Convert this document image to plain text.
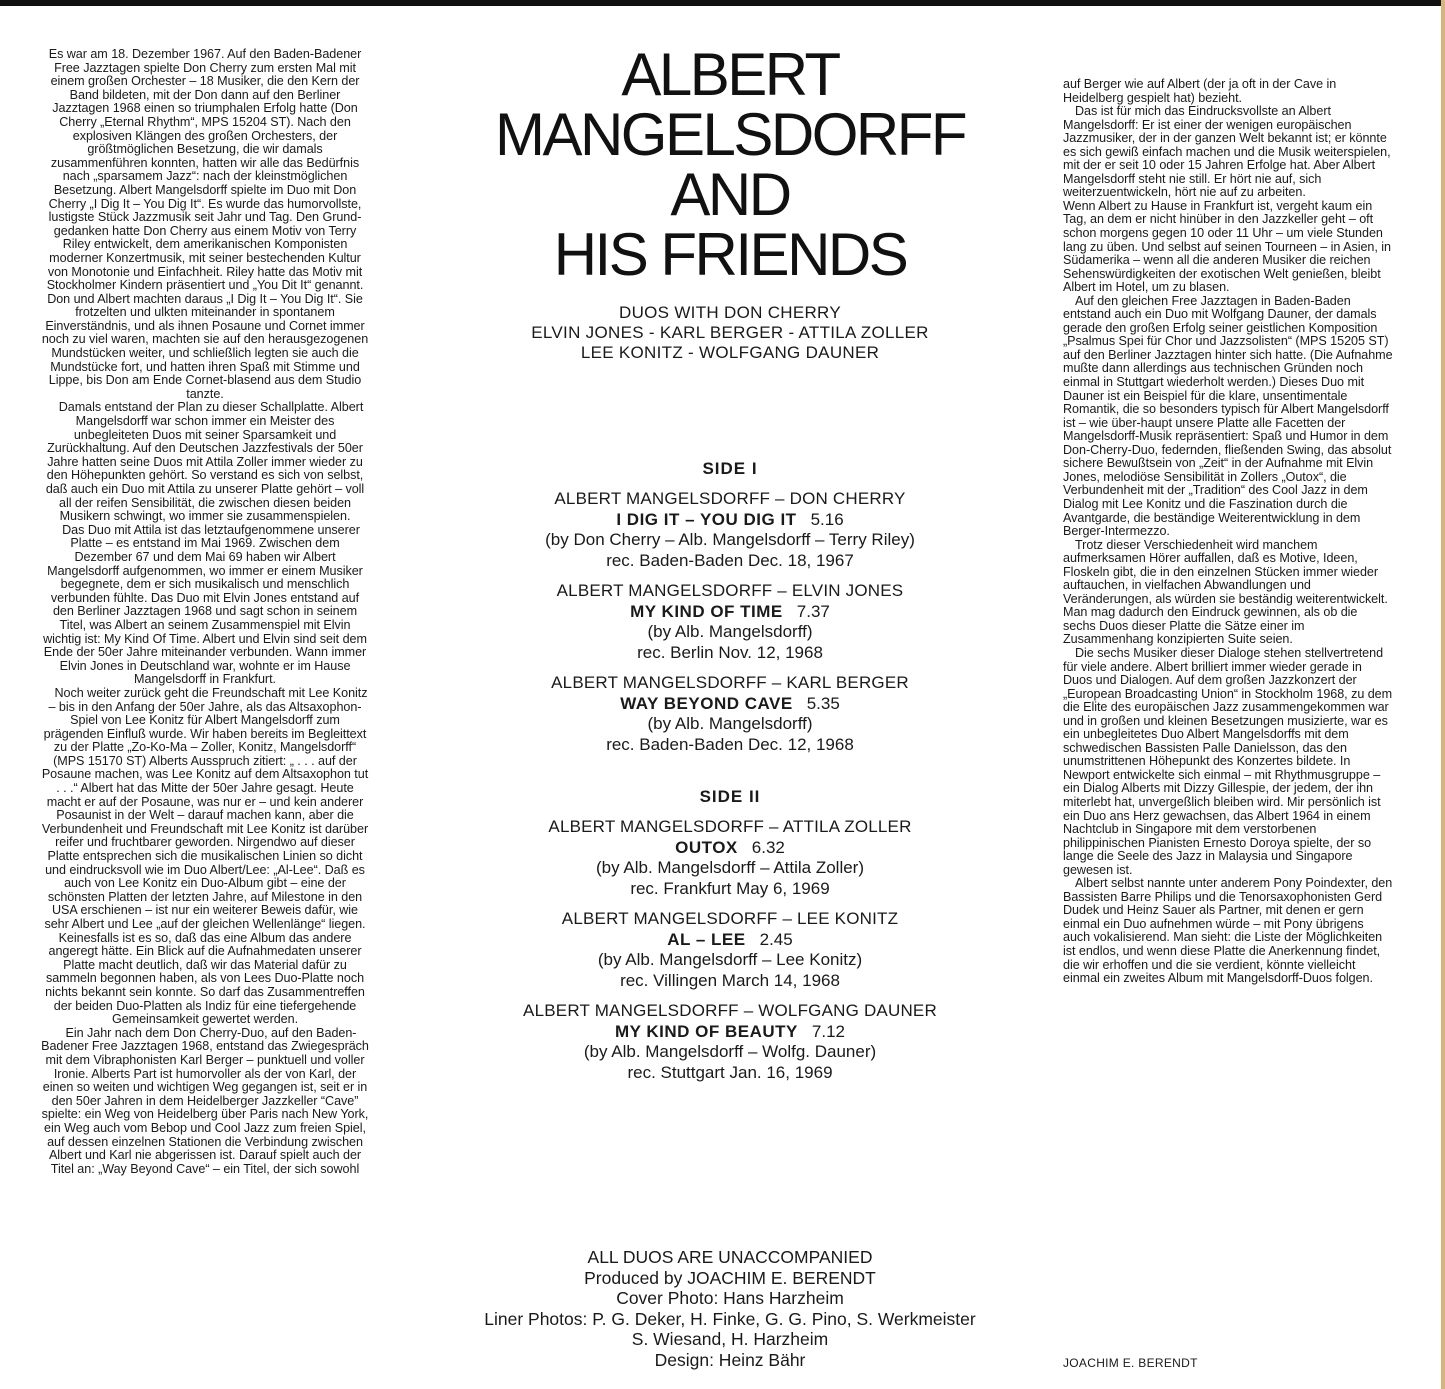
Es war am 18. Dezember 1967. Auf den Baden-Badener Free Jazztagen spielte Don Cherry zum ersten Mal mit einem großen Orchester – 18 Musiker, die den Kern der Band bildeten, mit der Don dann auf den Berliner Jazztagen 1968 einen so triumphalen Erfolg hatte (Don Cherry „Eternal Rhythm“, MPS 15204 ST). Nach den explosiven Klängen des großen Orchesters, der größtmöglichen Besetzung, die wir damals zusammenführen konnten, hatten wir alle das Bedürfnis nach „sparsamem Jazz“: nach der kleinstmöglichen Besetzung. Albert Mangelsdorff spielte im Duo mit Don Cherry „I Dig It – You Dig It“. Es wurde das humorvollste, lustigste Stück Jazzmusik seit Jahr und Tag. Den Grund-gedanken hatte Don Cherry aus einem Motiv von Terry Riley entwickelt, dem amerikanischen Komponisten moderner Konzertmusik, mit seiner bestechenden Kultur von Monotonie und Einfachheit. Riley hatte das Motiv mit Stockholmer Kindern präsentiert und „You Dit It“ genannt. Don und Albert machten daraus „I Dig It – You Dig It“. Sie frotzelten und ulkten miteinander in spontanem Einverständnis, und als ihnen Posaune und Cornet immer noch zu viel waren, machten sie auf den herausgezogenen Mundstücken weiter, und schließlich legten sie auch die Mundstücke fort, und hatten ihren Spaß mit Stimme und Lippe, bis Don am Ende Cornet-blasend aus dem Studio tanzte.

Damals entstand der Plan zu dieser Schallplatte. Albert Mangelsdorff war schon immer ein Meister des unbegleiteten Duos mit seiner Sparsamkeit und Zurückhaltung. Auf den Deutschen Jazzfestivals der 50er Jahre hatten seine Duos mit Attila Zoller immer wieder zu den Höhepunkten gehört. So verstand es sich von selbst, daß auch ein Duo mit Attila zu unserer Platte gehört – voll all der reifen Sensibilität, die zwischen diesen beiden Musikern schwingt, wo immer sie zusammenspielen.

Das Duo mit Attila ist das letztaufgenommene unserer Platte – es entstand im Mai 1969. Zwischen dem Dezember 67 und dem Mai 69 haben wir Albert Mangelsdorff aufgenommen, wo immer er einem Musiker begegnete, dem er sich musikalisch und menschlich verbunden fühlte. Das Duo mit Elvin Jones entstand auf den Berliner Jazztagen 1968 und sagt schon in seinem Titel, was Albert an seinem Zusammenspiel mit Elvin wichtig ist: My Kind Of Time. Albert und Elvin sind seit dem Ende der 50er Jahre miteinander verbunden. Wann immer Elvin Jones in Deutschland war, wohnte er im Hause Mangelsdorff in Frankfurt.

Noch weiter zurück geht die Freundschaft mit Lee Konitz – bis in den Anfang der 50er Jahre, als das Altsaxophon-Spiel von Lee Konitz für Albert Mangelsdorff zum prägenden Einfluß wurde. Wir haben bereits im Begleittext zu der Platte „Zo-Ko-Ma – Zoller, Konitz, Mangelsdorff“ (MPS 15170 ST) Alberts Ausspruch zitiert: „ . . . auf der Posaune machen, was Lee Konitz auf dem Altsaxophon tut . . .“ Albert hat das Mitte der 50er Jahre gesagt. Heute macht er auf der Posaune, was nur er – und kein anderer Posaunist in der Welt – darauf machen kann, aber die Verbundenheit und Freundschaft mit Lee Konitz ist darüber reifer und fruchtbarer geworden. Nirgendwo auf dieser Platte entsprechen sich die musikalischen Linien so dicht und eindrucksvoll wie im Duo Albert/Lee: „Al-Lee“. Daß es auch von Lee Konitz ein Duo-Album gibt – eine der schönsten Platten der letzten Jahre, auf Milestone in den USA erschienen – ist nur ein weiterer Beweis dafür, wie sehr Albert und Lee „auf der gleichen Wellenlänge“ liegen. Keinesfalls ist es so, daß das eine Album das andere angeregt hätte. Ein Blick auf die Aufnahmedaten unserer Platte macht deutlich, daß wir das Material dafür zu sammeln begonnen haben, als von Lees Duo-Platte noch nichts bekannt sein konnte. So darf das Zusammentreffen der beiden Duo-Platten als Indiz für eine tiefergehende Gemeinsamkeit gewertet werden.

Ein Jahr nach dem Don Cherry-Duo, auf den Baden-Badener Free Jazztagen 1968, entstand das Zwiegespräch mit dem Vibraphonisten Karl Berger – punktuell und voller Ironie. Alberts Part ist humorvoller als der von Karl, der einen so weiten und wichtigen Weg gegangen ist, seit er in den 50er Jahren in dem Heidelberger Jazzkeller “Cave” spielte: ein Weg von Heidelberg über Paris nach New York, ein Weg auch vom Bebop und Cool Jazz zum freien Spiel, auf dessen einzelnen Stationen die Verbindung zwischen Albert und Karl nie abgerissen ist. Darauf spielt auch der Titel an: „Way Beyond Cave“ – ein Titel, der sich sowohl

ALBERT
MANGELSDORFF
AND
HIS FRIENDS
DUOS WITH DON CHERRY
ELVIN JONES - KARL BERGER - ATTILA ZOLLER
LEE KONITZ - WOLFGANG DAUNER
SIDE I
ALBERT MANGELSDORFF – DON CHERRY
I DIG IT – YOU DIG IT 5.16
(by Don Cherry – Alb. Mangelsdorff – Terry Riley)
rec. Baden-Baden Dec. 18, 1967
ALBERT MANGELSDORFF – ELVIN JONES
MY KIND OF TIME 7.37
(by Alb. Mangelsdorff)
rec. Berlin Nov. 12, 1968
ALBERT MANGELSDORFF – KARL BERGER
WAY BEYOND CAVE 5.35
(by Alb. Mangelsdorff)
rec. Baden-Baden Dec. 12, 1968
SIDE II
ALBERT MANGELSDORFF – ATTILA ZOLLER
OUTOX 6.32
(by Alb. Mangelsdorff – Attila Zoller)
rec. Frankfurt May 6, 1969
ALBERT MANGELSDORFF – LEE KONITZ
AL – LEE 2.45
(by Alb. Mangelsdorff – Lee Konitz)
rec. Villingen March 14, 1968
ALBERT MANGELSDORFF – WOLFGANG DAUNER
MY KIND OF BEAUTY 7.12
(by Alb. Mangelsdorff – Wolfg. Dauner)
rec. Stuttgart Jan. 16, 1969
ALL DUOS ARE UNACCOMPANIED
Produced by JOACHIM E. BERENDT
Cover Photo: Hans Harzheim
Liner Photos: P. G. Deker, H. Finke, G. G. Pino, S. Werkmeister
S. Wiesand, H. Harzheim
Design: Heinz Bähr

auf Berger wie auf Albert (der ja oft in der Cave in Heidelberg gespielt hat) bezieht.

Das ist für mich das Eindrucksvollste an Albert Mangelsdorff: Er ist einer der wenigen europäischen Jazzmusiker, der in der ganzen Welt bekannt ist; er könnte es sich gewiß einfach machen und die Musik weiterspielen, mit der er seit 10 oder 15 Jahren Erfolge hat. Aber Albert Mangelsdorff steht nie still. Er hört nie auf, sich weiterzuentwickeln, hört nie auf zu arbeiten.

Wenn Albert zu Hause in Frankfurt ist, vergeht kaum ein Tag, an dem er nicht hinüber in den Jazzkeller geht – oft schon morgens gegen 10 oder 11 Uhr – um viele Stunden lang zu üben. Und selbst auf seinen Tourneen – in Asien, in Südamerika – wenn all die anderen Musiker die reichen Sehenswürdigkeiten der exotischen Welt genießen, bleibt Albert im Hotel, um zu blasen.

Auf den gleichen Free Jazztagen in Baden-Baden entstand auch ein Duo mit Wolfgang Dauner, der damals gerade den großen Erfolg seiner geistlichen Komposition „Psalmus Spei für Chor und Jazzsolisten“ (MPS 15205 ST) auf den Berliner Jazztagen hinter sich hatte. (Die Aufnahme mußte dann allerdings aus technischen Gründen noch einmal in Stuttgart wiederholt werden.) Dieses Duo mit Dauner ist ein Beispiel für die klare, unsentimentale Romantik, die so besonders typisch für Albert Mangelsdorff ist – wie über-haupt unsere Platte alle Facetten der Mangelsdorff-Musik repräsentiert: Spaß und Humor in dem Don-Cherry-Duo, federnden, fließenden Swing, das absolut sichere Bewußtsein von „Zeit“ in der Aufnahme mit Elvin Jones, melodiöse Sensibilität in Zollers „Outox“, die Verbundenheit mit der „Tradition“ des Cool Jazz in dem Dialog mit Lee Konitz und die Faszination durch die Avantgarde, die beständige Weiterentwicklung in dem Berger-Intermezzo.

Trotz dieser Verschiedenheit wird manchem aufmerksamen Hörer auffallen, daß es Motive, Ideen, Floskeln gibt, die in den einzelnen Stücken immer wieder auftauchen, in vielfachen Abwandlungen und Veränderungen, als würden sie beständig weiterentwickelt. Man mag dadurch den Eindruck gewinnen, als ob die sechs Duos dieser Platte die Sätze einer im Zusammenhang konzipierten Suite seien.

Die sechs Musiker dieser Dialoge stehen stellvertretend für viele andere. Albert brilliert immer wieder gerade in Duos und Dialogen. Auf dem großen Jazzkonzert der „European Broadcasting Union“ in Stockholm 1968, zu dem die Elite des europäischen Jazz zusammengekommen war und in großen und kleinen Besetzungen musizierte, war es ein unbegleitetes Duo Albert Mangelsdorffs mit dem schwedischen Bassisten Palle Danielsson, das den unumstrittenen Höhepunkt des Konzertes bildete. In Newport entwickelte sich einmal – mit Rhythmusgruppe – ein Dialog Alberts mit Dizzy Gillespie, der jedem, der ihn miterlebt hat, unvergeßlich bleiben wird. Mir persönlich ist ein Duo ans Herz gewachsen, das Albert 1964 in einem Nachtclub in Singapore mit dem verstorbenen philippinischen Pianisten Ernesto Doroya spielte, der so lange die Seele des Jazz in Malaysia und Singapore gewesen ist.

Albert selbst nannte unter anderem Pony Poindexter, den Bassisten Barre Philips und die Tenorsaxophonisten Gerd Dudek und Heinz Sauer als Partner, mit denen er gern einmal ein Duo aufnehmen würde – mit Pony übrigens auch vokalisierend. Man sieht: die Liste der Möglichkeiten ist endlos, und wenn diese Platte die Anerkennung findet, die wir erhoffen und die sie verdient, könnte vielleicht einmal ein zweites Album mit Mangelsdorff-Duos folgen.

JOACHIM E. BERENDT
